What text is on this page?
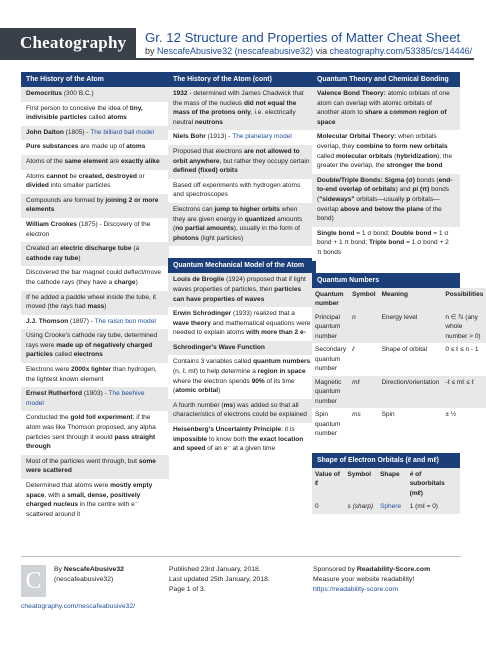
Cheatography	Gr. 12 Structure and Properties of Matter Cheat Sheet
by NescafeAbusive32 (nescafeabusive32) via cheatography.com/53385/cs/14446/
The History of the Atom
Democritus (300 B.C.)
First person to conceive the idea of tiny, indivisible particles called atoms
John Dalton (1805) - The billiard ball model
Pure substances are made up of atoms
Atoms of the same element are exactly alike
Atoms cannot be created, destroyed or divided into smaller particles
Compounds are formed by joining 2 or more elements
William Crookes (1875) - Discovery of the electron
Created an electric discharge tube (a cathode ray tube)
Discovered the bar magnet could deflect/move the cathode rays (they have a charge)
If he added a paddle wheel inside the tube, it moved (the rays had mass)
J.J. Thomson (1897) - The raisin bun model
Using Crooke's cathode ray tube, determined rays were made up of negatively charged particles called electrons
Electrons were 2000x lighter than hydrogen, the lightest known element
Ernest Rutherford (1903) - The beehive model
Conducted the gold foil experiment; if the atom was like Thomson proposed, any alpha particles sent through it would pass straight through
Most of the particles went through, but some were scattered
Determined that atoms were mostly empty space, with a small, dense, positively charged nucleus in the centre with e⁻ scattered around it
The History of the Atom (cont)
1932 - determined with James Chadwick that the mass of the nucleus did not equal the mass of the protons only, i.e. electrically neutral neutrons
Niels Bohr (1913) - The planetary model
Proposed that electrons are not allowed to orbit anywhere, but rather they occupy certain defined (fixed) orbits
Based off experiments with hydrogen atoms and spectroscopes
Electrons can jump to higher orbits when they are given energy in quantized amounts (no partial amounts), usually in the form of photons (light particles)
Quantum Mechanical Model of the Atom
Louis de Broglie (1924) proposed that if light waves properties of particles, then particles can have properties of waves
Erwin Schrodinger (1933) realized that a wave theory and mathematical equations were needed to explain atoms with more than 2 e-
Schrodinger's Wave Function
Contains 3 variables called quantum numbers (n, ℓ, mℓ) to help determine a region in space where the electron spends 90% of its time (atomic orbital)
A fourth number (ms) was added so that all characteristics of electrons could be explained
Heisenberg's Uncertainty Principle: it is impossible to know both the exact location and speed of an e⁻ at a given time
Quantum Theory and Chemical Bonding
Valence Bond Theory: atomic orbitals of one atom can overlap with atomic orbitals of another atom to share a common region of space
Molecular Orbital Theory: when orbitals overlap, they combine to form new orbitals called molecular orbitals (hybridization); the greater the overlap, the stronger the bond
Double/Triple Bonds: Sigma (σ) bonds (end-to-end overlap of orbitals) and pi (π) bonds ("sideways" orbitals—usually p orbitals—overlap above and below the plane of the bond)
Single bond = 1 σ bond; Double bond = 1 σ bond + 1 π bond; Triple bond = 1 σ bond + 2 π bonds
Quantum Numbers
Quantum number	Symbol	Meaning	Possibilities
Principal quantum number	n	Energy level	n ∈ ℕ (any whole number > 0)
Secondary quantum number	ℓ	Shape of orbital	0 ≤ ℓ ≤ n - 1
Magnetic quantum number	mℓ	Direction/orientation	-ℓ ≤ mℓ ≤ ℓ
Spin quantum number	ms	Spin	± ½
Shape of Electron Orbitals (ℓ and mℓ)
Value of ℓ	Symbol	Shape	# of suborbitals (mℓ)
0	s (sharp)	Sphere	1 (mℓ = 0)
C	By NescafeAbusive32
(nescafeabusive32)
cheatography.com/nescafeabusive32/
Published 23rd January, 2018.
Last updated 25th January, 2018.
Page 1 of 3.
Sponsored by Readability-Score.com
Measure your website readability!
https://readability-score.com
